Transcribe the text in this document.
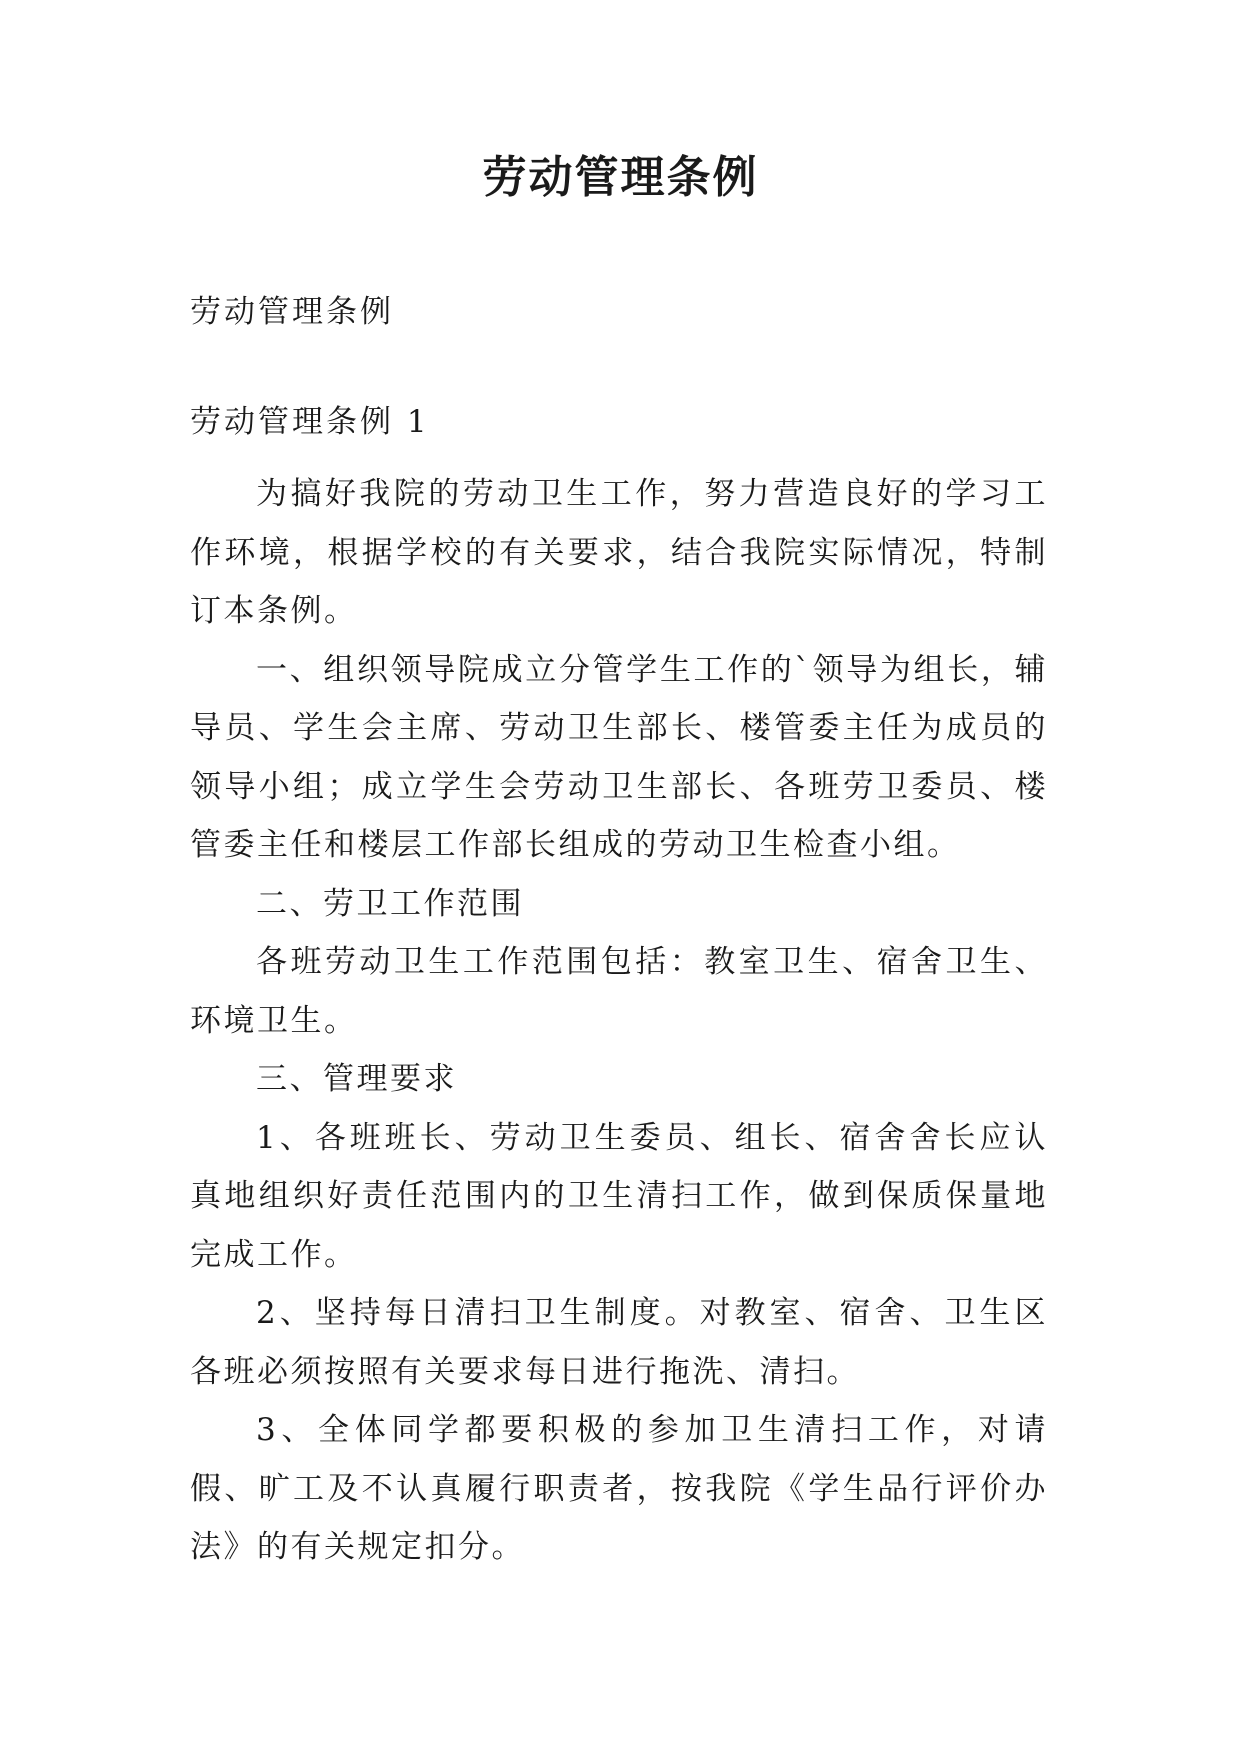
劳动管理条例

劳动管理条例

劳动管理条例 1

为搞好我院的劳动卫生工作，努力营造良好的学习工作环境，根据学校的有关要求，结合我院实际情况，特制订本条例。

一、组织领导院成立分管学生工作的`领导为组长，辅导员、学生会主席、劳动卫生部长、楼管委主任为成员的领导小组；成立学生会劳动卫生部长、各班劳卫委员、楼管委主任和楼层工作部长组成的劳动卫生检查小组。

二、劳卫工作范围

各班劳动卫生工作范围包括：教室卫生、宿舍卫生、环境卫生。

三、管理要求

1、各班班长、劳动卫生委员、组长、宿舍舍长应认真地组织好责任范围内的卫生清扫工作，做到保质保量地完成工作。

2、坚持每日清扫卫生制度。对教室、宿舍、卫生区各班必须按照有关要求每日进行拖洗、清扫。

3、全体同学都要积极的参加卫生清扫工作，对请假、旷工及不认真履行职责者，按我院《学生品行评价办法》的有关规定扣分。
